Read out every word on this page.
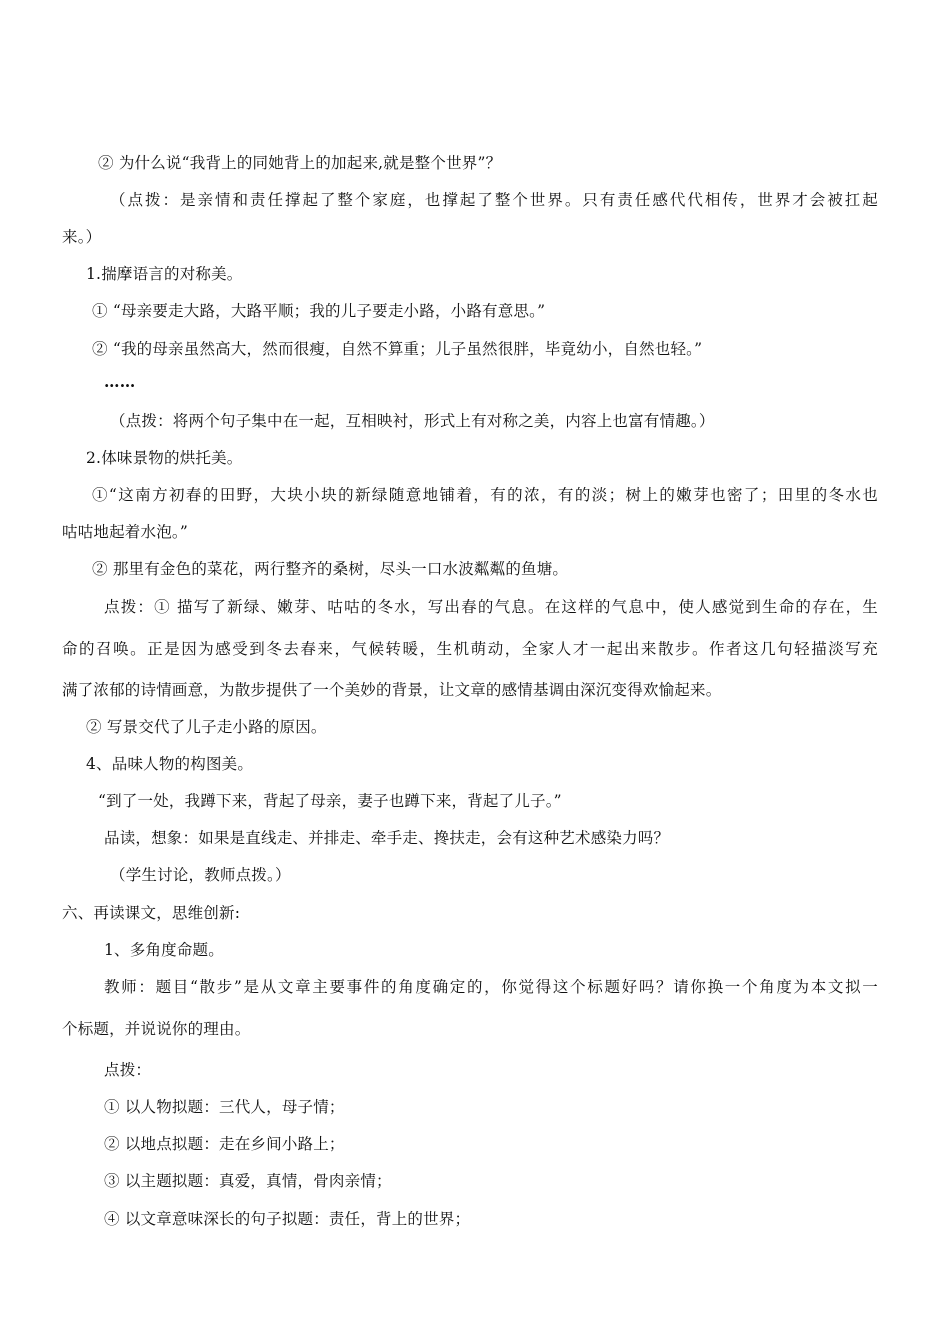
② 为什么说“我背上的同她背上的加起来,就是整个世界”？
（点拨：是亲情和责任撑起了整个家庭，也撑起了整个世界。只有责任感代代相传，世界才会被扛起
来。）
1.揣摩语言的对称美。
① “母亲要走大路，大路平顺；我的儿子要走小路，小路有意思。”
② “我的母亲虽然高大，然而很瘦，自然不算重；儿子虽然很胖，毕竟幼小，自然也轻。”
……
（点拨：将两个句子集中在一起，互相映衬，形式上有对称之美，内容上也富有情趣。）
2.体味景物的烘托美。
①“这南方初春的田野，大块小块的新绿随意地铺着，有的浓，有的淡；树上的嫩芽也密了；田里的冬水也
咕咕地起着水泡。”
② 那里有金色的菜花，两行整齐的桑树，尽头一口水波粼粼的鱼塘。
点拨：① 描写了新绿、嫩芽、咕咕的冬水，写出春的气息。在这样的气息中，使人感觉到生命的存在，生
命的召唤。正是因为感受到冬去春来，气候转暖，生机萌动，全家人才一起出来散步。作者这几句轻描淡写充
满了浓郁的诗情画意，为散步提供了一个美妙的背景，让文章的感情基调由深沉变得欢愉起来。
② 写景交代了儿子走小路的原因。
4、品味人物的构图美。
“到了一处，我蹲下来，背起了母亲，妻子也蹲下来，背起了儿子。”
品读，想象：如果是直线走、并排走、牵手走、搀扶走，会有这种艺术感染力吗？
（学生讨论，教师点拨。）
六、再读课文，思维创新:
1、多角度命题。
教师：题目“散步”是从文章主要事件的角度确定的，你觉得这个标题好吗？请你换一个角度为本文拟一
个标题，并说说你的理由。
点拨：
① 以人物拟题：三代人，母子情；
② 以地点拟题：走在乡间小路上；
③ 以主题拟题：真爱，真情，骨肉亲情；
④ 以文章意味深长的句子拟题：责任，背上的世界；
